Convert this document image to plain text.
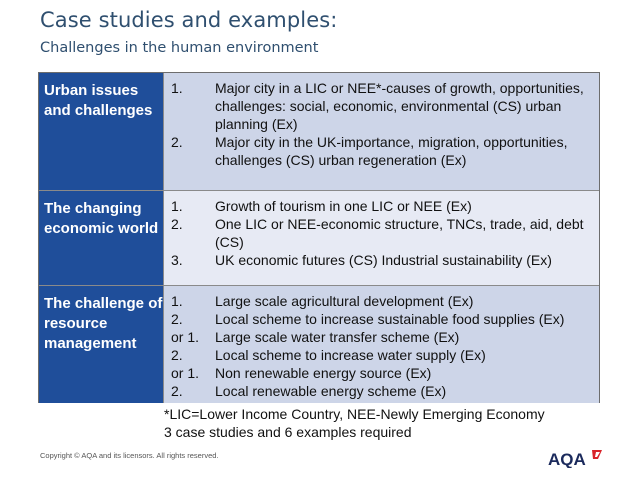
Case studies and examples:
Challenges in the human environment
Urban issues and challenges
1.	Major city in a LIC or NEE*-causes of growth, opportunities, challenges: social, economic, environmental (CS) urban planning (Ex)
2.	Major city in the UK-importance, migration, opportunities, challenges (CS) urban regeneration (Ex)
The changing economic world
1.	Growth of tourism in one LIC or NEE (Ex)
2.	One LIC or NEE-economic structure, TNCs, trade, aid, debt (CS)
3.	UK economic futures (CS) Industrial sustainability (Ex)
The challenge of resource management
1.	Large scale agricultural development (Ex)
2.	Local scheme to increase sustainable food supplies (Ex)
or 1.	Large scale water transfer scheme (Ex)
2.	Local scheme to increase water supply (Ex)
or 1.	Non renewable energy source (Ex)
2.	Local renewable energy scheme (Ex)
*LIC=Lower Income Country, NEE-Newly Emerging Economy
3 case studies and 6 examples required
Copyright © AQA and its licensors. All rights reserved.	AQA
